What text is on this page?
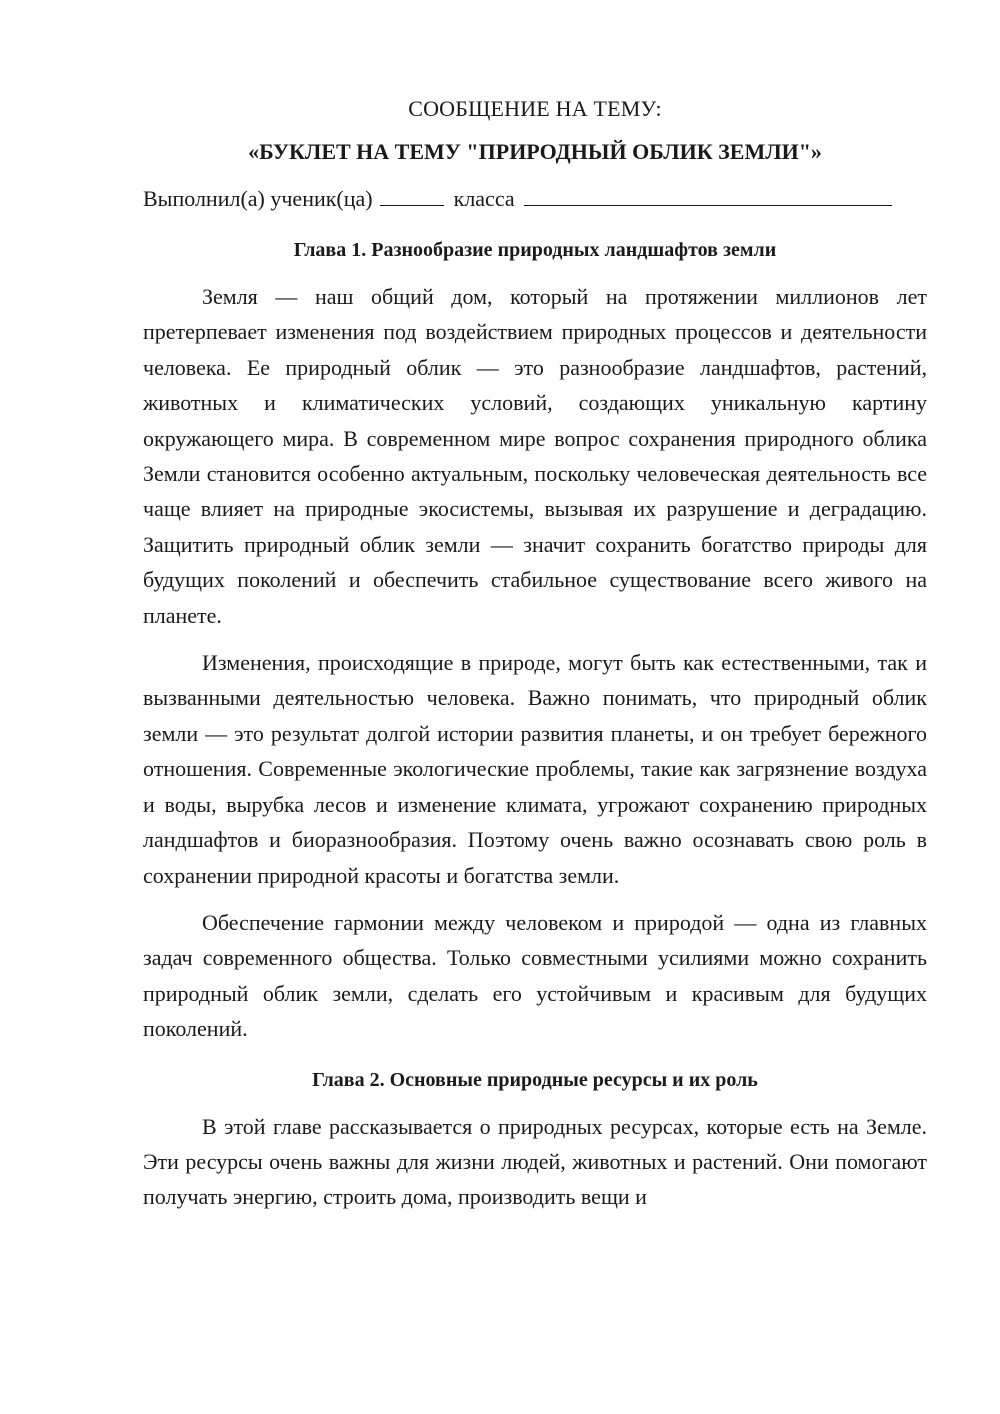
СООБЩЕНИЕ НА ТЕМУ:
«БУКЛЕТ НА ТЕМУ "ПРИРОДНЫЙ ОБЛИК ЗЕМЛИ"»
Выполнил(а) ученик(ца)	класса
Глава 1. Разнообразие природных ландшафтов земли

Земля — наш общий дом, который на протяжении миллионов лет претерпевает изменения под воздействием природных процессов и деятельности человека. Ее природный облик — это разнообразие ландшафтов, растений, животных и климатических условий, создающих уникальную картину окружающего мира. В современном мире вопрос сохранения природного облика Земли становится особенно актуальным, поскольку человеческая деятельность все чаще влияет на природные экосистемы, вызывая их разрушение и деградацию. Защитить природный облик земли — значит сохранить богатство природы для будущих поколений и обеспечить стабильное существование всего живого на планете.

Изменения, происходящие в природе, могут быть как естественными, так и вызванными деятельностью человека. Важно понимать, что природный облик земли — это результат долгой истории развития планеты, и он требует бережного отношения. Современные экологические проблемы, такие как загрязнение воздуха и воды, вырубка лесов и изменение климата, угрожают сохранению природных ландшафтов и биоразнообразия. Поэтому очень важно осознавать свою роль в сохранении природной красоты и богатства земли.

Обеспечение гармонии между человеком и природой — одна из главных задач современного общества. Только совместными усилиями можно сохранить природный облик земли, сделать его устойчивым и красивым для будущих поколений.

Глава 2. Основные природные ресурсы и их роль

В этой главе рассказывается о природных ресурсах, которые есть на Земле. Эти ресурсы очень важны для жизни людей, животных и растений. Они помогают получать энергию, строить дома, производить вещи и
